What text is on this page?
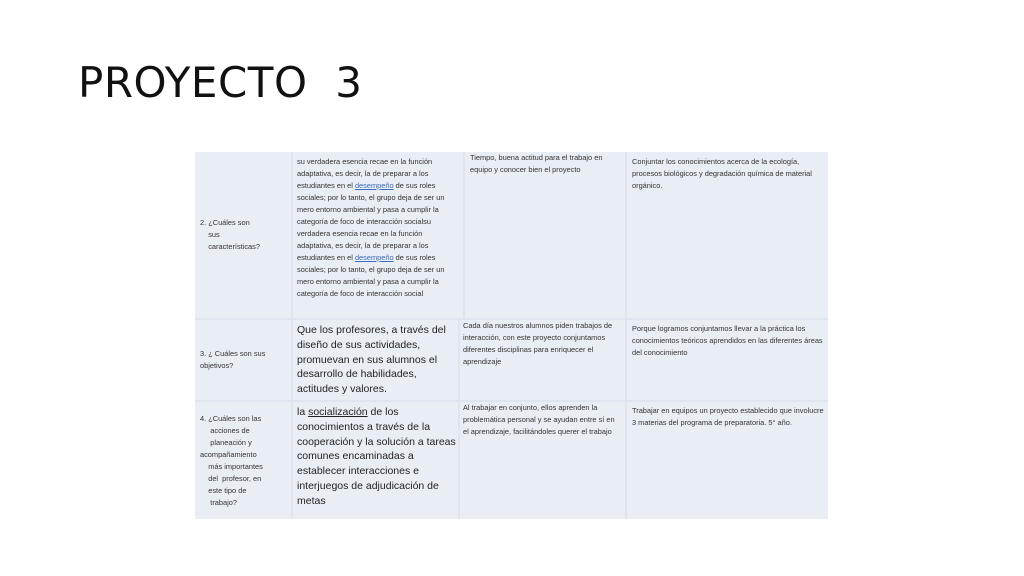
PROYECTO  3
2. ¿Cuáles son
sus
características?
su verdadera esencia recae en la función adaptativa, es decir, la de preparar a los estudiantes en el desempeño de sus roles sociales; por lo tanto, el grupo deja de ser un mero entorno ambiental y pasa a cumplir la categoría de foco de interacción socialsu verdadera esencia recae en la función adaptativa, es decir, la de preparar a los estudiantes en el desempeño de sus roles sociales; por lo tanto, el grupo deja de ser un mero entorno ambiental y pasa a cumplir la categoría de foco de interacción social
Tiempo, buena actitud para el trabajo en equipo y conocer bien el proyecto
Conjuntar los conocimientos acerca de la ecología, procesos biológicos y degradación química de material orgánico.
3. ¿ Cuáles son sus
objetivos?
Que los profesores, a través del diseño de sus actividades, promuevan en sus alumnos el desarrollo de habilidades, actitudes y valores.
Cada día nuestros alumnos piden trabajos de interacción, con este proyecto conjuntamos diferentes disciplinas para enriquecer el aprendizaje
Porque logramos conjuntamos llevar a la práctica los conocimientos teóricos aprendidos en las diferentes áreas del conocimiento
4. ¿Cuáles son las
acciones de
planeación y
acompañamiento
más importantes
del  profesor, en
este tipo de
trabajo?
la socialización de los conocimientos a través de la cooperación y la solución a tareas comunes encaminadas a establecer interacciones e interjuegos de adjudicación de metas
Al trabajar en conjunto, ellos aprenden la problemática personal y se ayudan entre sí en el aprendizaje, facilitándoles querer el trabajo
Trabajar en equipos un proyecto establecido que involucre 3 materias del programa de preparatoria. 5° año.
